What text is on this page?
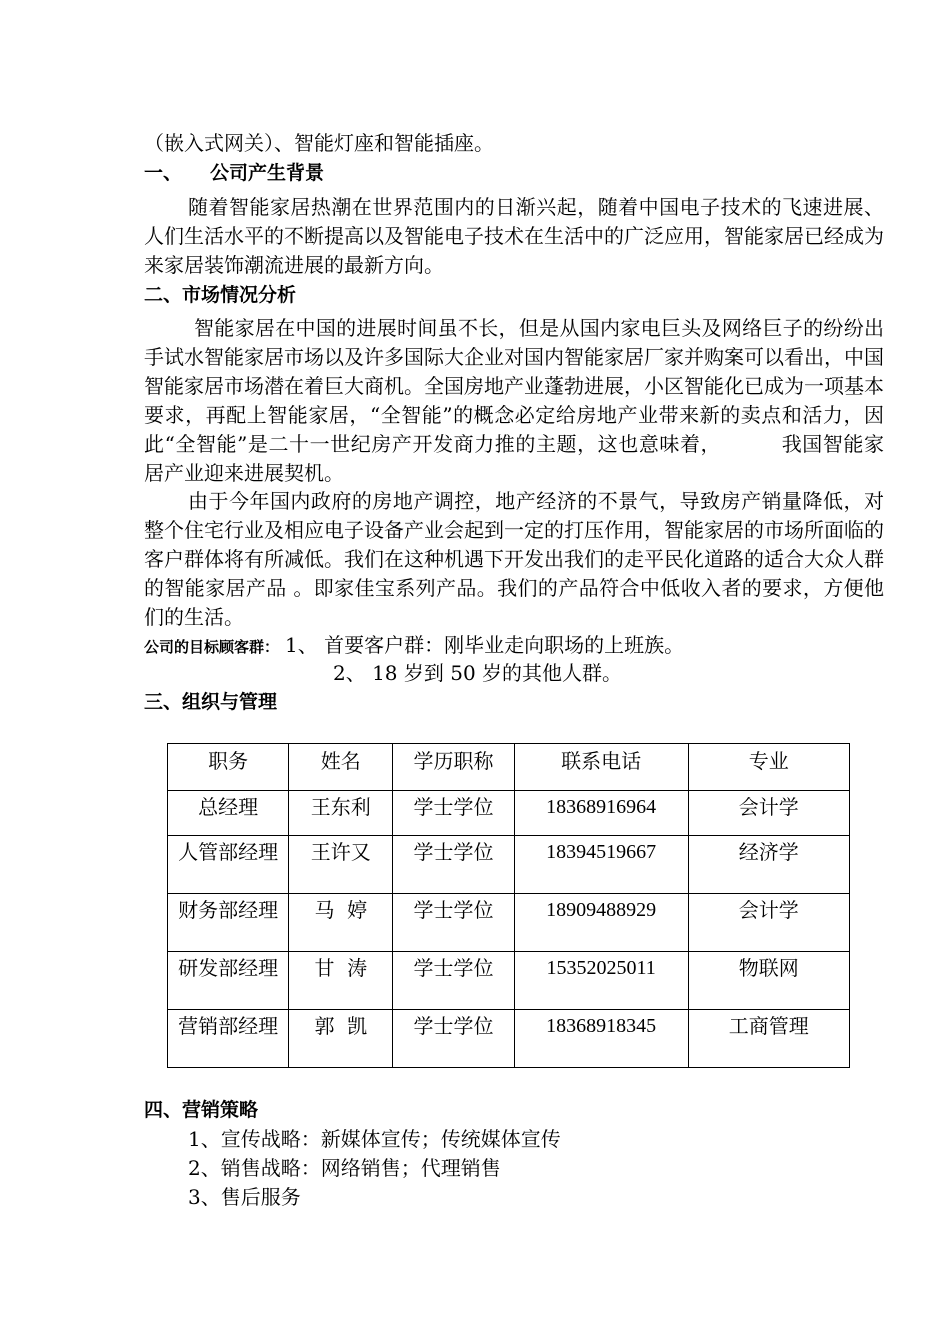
（嵌入式网关）、智能灯座和智能插座。
一、 公司产生背景

随着智能家居热潮在世界范围内的日渐兴起，随着中国电子技术的飞速进展、人们生活水平的不断提高以及智能电子技术在生活中的广泛应用，智能家居已经成为来家居装饰潮流进展的最新方向。

二、市场情况分析

智能家居在中国的进展时间虽不长，但是从国内家电巨头及网络巨子的纷纷出手试水智能家居市场以及许多国际大企业对国内智能家居厂家并购案可以看出，中国智能家居市场潜在着巨大商机。全国房地产业蓬勃进展，小区智能化已成为一项基本要求，再配上智能家居，“全智能”的概念必定给房地产业带来新的卖点和活力，因此“全智能”是二十一世纪房产开发商力推的主题，这也意味着，	我国智能家居产业迎来进展契机。

由于今年国内政府的房地产调控，地产经济的不景气，导致房产销量降低，对整个住宅行业及相应电子设备产业会起到一定的打压作用，智能家居的市场所面临的客户群体将有所减低。我们在这种机遇下开发出我们的走平民化道路的适合大众人群的智能家居产品 。即家佳宝系列产品。我们的产品符合中低收入者的要求，方便他们的生活。

公司的目标顾客群： 1、 首要客户群：刚毕业走向职场的上班族。
2、 18 岁到 50 岁的其他人群。
三、组织与管理
职务	姓名	学历职称	联系电话	专业
总经理	王东利	学士学位	18368916964	会计学
人管部经理	王许又	学士学位	18394519667	经济学
财务部经理	马  婷	学士学位	18909488929	会计学
研发部经理	甘  涛	学士学位	15352025011	物联网
营销部经理	郭  凯	学士学位	18368918345	工商管理
四、营销策略
1、宣传战略：新媒体宣传；传统媒体宣传
2、销售战略：网络销售；代理销售
3、售后服务
